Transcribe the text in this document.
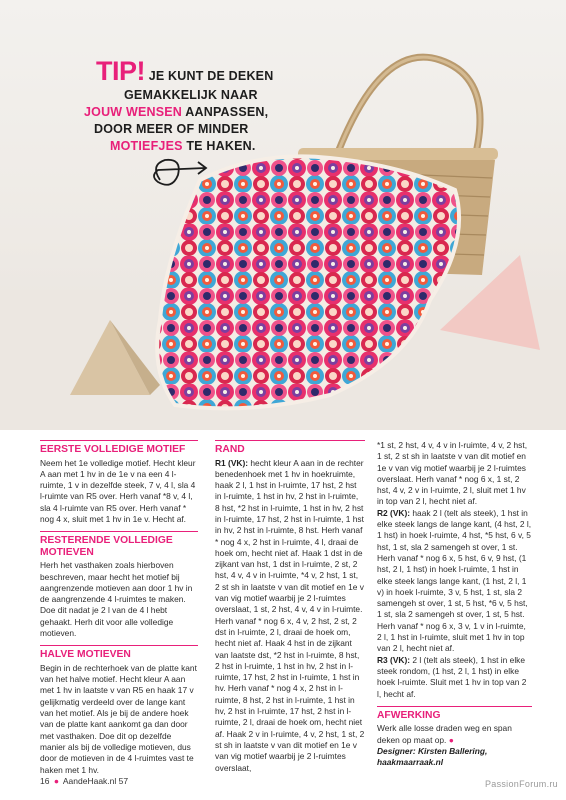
TIP! JE KUNT DE DEKEN
GEMAKKELIJK NAAR
JOUW WENSEN AANPASSEN,
DOOR MEER OF MINDER
MOTIEFJES TE HAKEN.
EERSTE VOLLEDIGE MOTIEF

Neem het 1e volledige motief. Hecht kleur A aan met 1 hv in de 1e v na een 4 l-ruimte, 1 v in dezelfde steek, 7 v, 4 l, sla 4 l-ruimte van R5 over. Herh vanaf *8 v, 4 l, sla 4 l-ruimte van R5 over. Herh vanaf * nog 4 x, sluit met 1 hv in 1e v. Hecht af.

RESTERENDE VOLLEDIGE
MOTIEVEN

Herh het vasthaken zoals hierboven beschreven, maar hecht het motief bij aangrenzende motieven aan door 1 hv in de aangrenzende 4 l-ruimtes te maken. Doe dit nadat je 2 l van de 4 l hebt gehaakt. Herh dit voor alle volledige motieven.

HALVE MOTIEVEN

Begin in de rechterhoek van de platte kant van het halve motief. Hecht kleur A aan met 1 hv in laatste v van R5 en haak 17 v gelijkmatig verdeeld over de lange kant van het motief. Als je bij de andere hoek van de platte kant aankomt ga dan door met vasthaken. Doe dit op dezelfde manier als bij de volledige motieven, dus door de motieven in de 4 l-ruimtes vast te haken met 1 hv.

RAND

R1 (VK): hecht kleur A aan in de rechter benedenhoek met 1 hv in hoekruimte, haak 2 l, 1 hst in l-ruimte, 17 hst, 2 hst in l-ruimte, 1 hst in hv, 2 hst in l-ruimte, 8 hst, *2 hst in l-ruimte, 1 hst in hv, 2 hst in l-ruimte, 17 hst, 2 hst in l-ruimte, 1 hst in hv, 2 hst in l-ruimte, 8 hst. Herh vanaf * nog 4 x, 2 hst in l-ruimte, 4 l, draai de hoek om, hecht niet af. Haak 1 dst in de zijkant van hst, 1 dst in l-ruimte, 2 st, 2 hst, 4 v, 4 v in l-ruimte, *4 v, 2 hst, 1 st, 2 st sh in laatste v van dit motief en 1e v van vig motief waarbij je 2 l-ruimtes overslaat, 1 st, 2 hst, 4 v, 4 v in l-ruimte. Herh vanaf * nog 6 x, 4 v, 2 hst, 2 st, 2 dst in l-ruimte, 2 l, draai de hoek om, hecht niet af. Haak 4 hst in de zijkant van laatste dst, *2 hst in l-ruimte, 8 hst, 2 hst in l-ruimte, 1 hst in hv, 2 hst in l-ruimte, 17 hst, 2 hst in l-ruimte, 1 hst in hv. Herh vanaf * nog 4 x, 2 hst in l-ruimte, 8 hst, 2 hst in l-ruimte, 1 hst in hv, 2 hst in l-ruimte, 17 hst, 2 hst in l-ruimte, 2 l, draai de hoek om, hecht niet af. Haak 2 v in l-ruimte, 4 v, 2 hst, 1 st, 2 st sh in laatste v van dit motief en 1e v van vig motief waarbij je 2 l-ruimtes overslaat,

*1 st, 2 hst, 4 v, 4 v in l-ruimte, 4 v, 2 hst, 1 st, 2 st sh in laatste v van dit motief en 1e v van vig motief waarbij je 2 l-ruimtes overslaat. Herh vanaf * nog 6 x, 1 st, 2 hst, 4 v, 2 v in l-ruimte, 2 l, sluit met 1 hv in top van 2 l, hecht niet af.

R2 (VK): haak 2 l (telt als steek), 1 hst in elke steek langs de lange kant, (4 hst, 2 l, 1 hst) in hoek l-ruimte, 4 hst, *5 hst, 6 v, 5 hst, 1 st, sla 2 samengeh st over, 1 st. Herh vanaf * nog 6 x, 5 hst, 6 v, 9 hst, (1 hst, 2 l, 1 hst) in hoek l-ruimte, 1 hst in elke steek langs lange kant, (1 hst, 2 l, 1 v) in hoek l-ruimte, 3 v, 5 hst, 1 st, sla 2 samengeh st over, 1 st, 5 hst, *6 v, 5 hst, 1 st, sla 2 samengeh st over, 1 st, 5 hst. Herh vanaf * nog 6 x, 3 v, 1 v in l-ruimte, 2 l, 1 hst in l-ruimte, sluit met 1 hv in top van 2 l, hecht niet af.

R3 (VK): 2 l (telt als steek), 1 hst in elke steek rondom, (1 hst, 2 l, 1 hst) in elke hoek l-ruimte. Sluit met 1 hv in top van 2 l, hecht af.

AFWERKING

Werk alle losse draden weg en span deken op maat op. ●

Designer: Kirsten Ballering,

haakmaarraak.nl

16 ● AandeHaak.nl 57	PassionForum.ru
